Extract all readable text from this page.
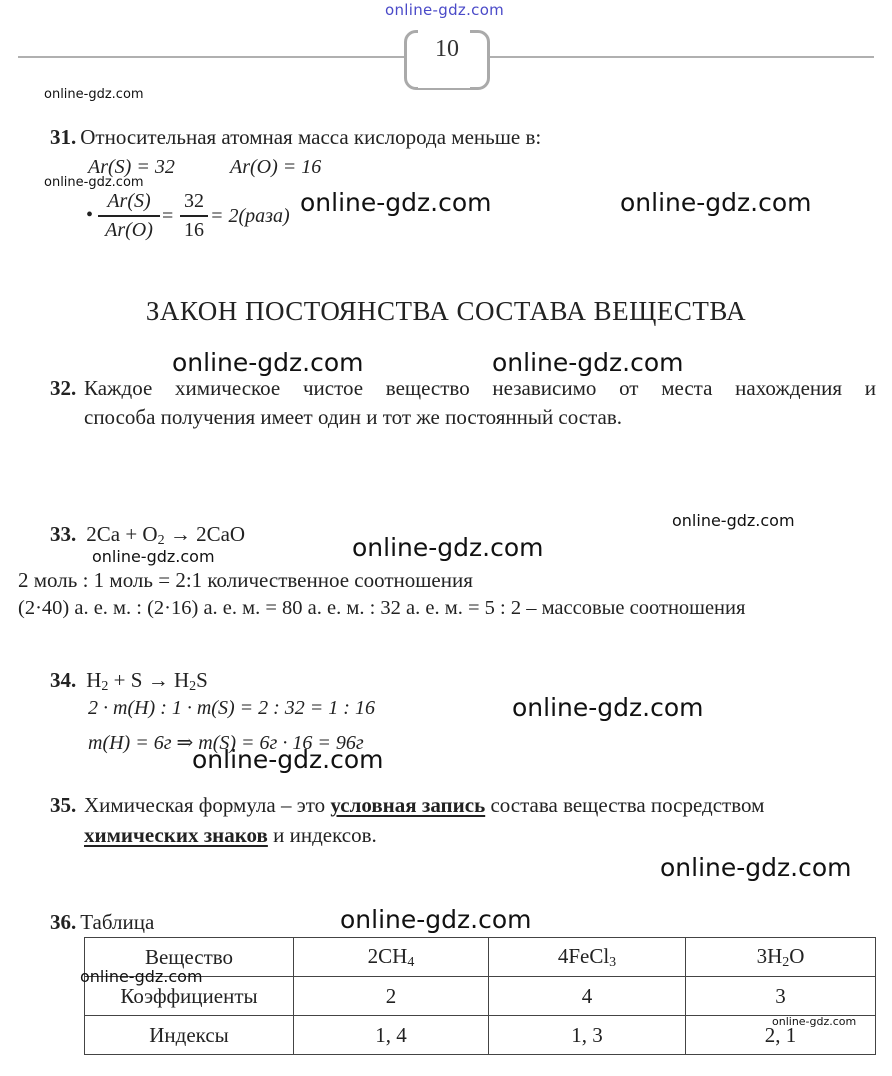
online-gdz.com
10
online-gdz.com
online-gdz.com
online-gdz.com	online-gdz.com
online-gdz.com	online-gdz.com
online-gdz.com
online-gdz.com	online-gdz.com
online-gdz.com
online-gdz.com
online-gdz.com
online-gdz.com
online-gdz.com
online-gdz.com
31. Относительная атомная масса кислорода меньше в:
Ar(S) = 32	Ar(O) = 16
•
Ar(S)
Ar(O)
=
32
16
= 2(раза)
ЗАКОН ПОСТОЯНСТВА СОСТАВА ВЕЩЕСТВА
32. Каждое химическое чистое вещество независимо от места нахождения и
способа получения имеет один и тот же постоянный состав.
33. $2Ca + O_2 \to 2CaO$
2 моль : 1 моль = 2:1 количественное соотношения
(2·40) а. е. м. : (2·16) а. е. м. = 80 а. е. м. : 32 а. е. м. = 5 : 2 – массовые соотношения
34. $H_2 + S \to H_2S$
2 · m(H) : 1 · m(S) = 2 : 32 = 1 : 16
m(H) = 6г ⇒ m(S) = 6г · 16 = 96г
35. Химическая формула – это условная запись состава вещества посредством
химических знаков и индексов.
36. Таблица
Вещество	$2CH_4$	4FeCl$_3$	$3H_2O$
Коэффициенты	2	4	3
Индексы	1, 4	1, 3	2, 1
